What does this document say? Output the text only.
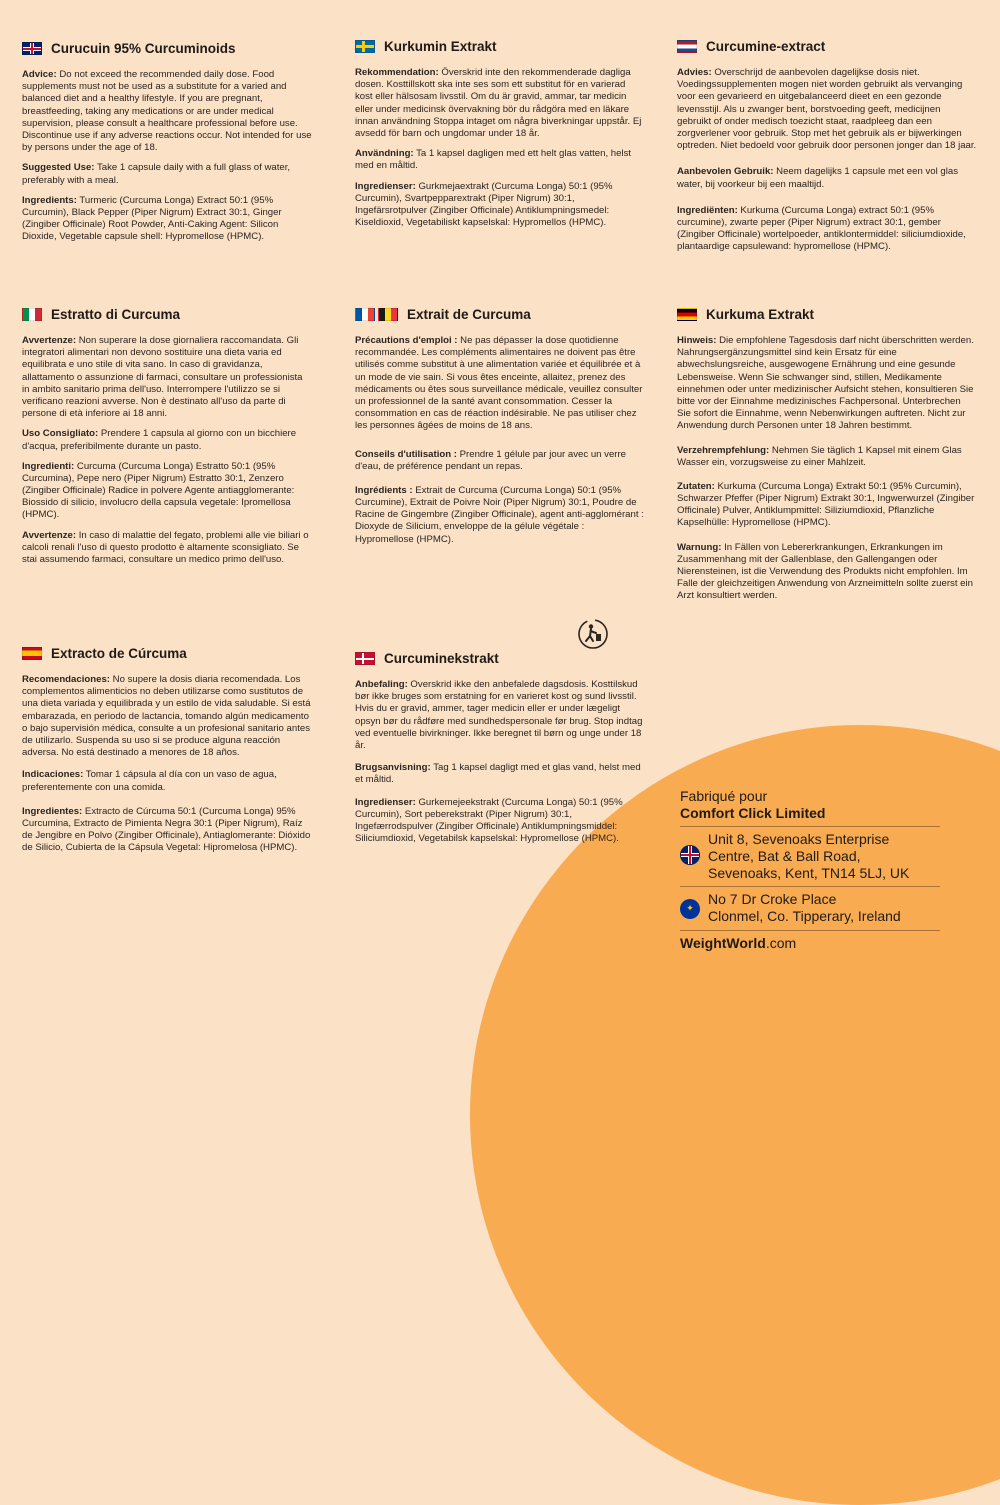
Curucuin 95% Curcuminoids

Advice: Do not exceed the recommended daily dose. Food supplements must not be used as a substitute for a varied and balanced diet and a healthy lifestyle. If you are pregnant, breastfeeding, taking any medications or are under medical supervision, please consult a healthcare professional before use. Discontinue use if any adverse reactions occur. Not intended for use by persons under the age of 18.

Suggested Use: Take 1 capsule daily with a full glass of water, preferably with a meal.

Ingredients: Turmeric (Curcuma Longa) Extract 50:1 (95% Curcumin), Black Pepper (Piper Nigrum) Extract 30:1, Ginger (Zingiber Officinale) Root Powder, Anti-Caking Agent: Silicon Dioxide, Vegetable capsule shell: Hypromellose (HPMC).

Kurkumin Extrakt

Rekommendation: Överskrid inte den rekommenderade dagliga dosen. Kosttillskott ska inte ses som ett substitut för en varierad kost eller hälsosam livsstil. Om du är gravid, ammar, tar medicin eller under medicinsk övervakning bör du rådgöra med en läkare innan användning Stoppa intaget om några biverkningar uppstår. Ej avsedd för barn och ungdomar under 18 år.

Användning: Ta 1 kapsel dagligen med ett helt glas vatten, helst med en måltid.

Ingredienser: Gurkmejaextrakt (Curcuma Longa) 50:1 (95% Curcumin), Svartpepparextrakt (Piper Nigrum) 30:1, Ingefärsrotpulver (Zingiber Officinale) Antiklumpningsmedel: Kiseldioxid, Vegetabiliskt kapselskal: Hypromellos (HPMC).

Curcumine-extract

Advies: Overschrijd de aanbevolen dagelijkse dosis niet. Voedingssupplementen mogen niet worden gebruikt als vervanging voor een gevarieerd en uitgebalanceerd dieet en een gezonde levensstijl. Als u zwanger bent, borstvoeding geeft, medicijnen gebruikt of onder medisch toezicht staat, raadpleeg dan een zorgverlener voor gebruik. Stop met het gebruik als er bijwerkingen optreden. Niet bedoeld voor gebruik door personen jonger dan 18 jaar.

Aanbevolen Gebruik: Neem dagelijks 1 capsule met een vol glas water, bij voorkeur bij een maaltijd.

Ingrediënten: Kurkuma (Curcuma Longa) extract 50:1 (95% curcumine), zwarte peper (Piper Nigrum) extract 30:1, gember (Zingiber Officinale) wortelpoeder, antiklontermiddel: siliciumdioxide, plantaardige capsulewand: hypromellose (HPMC).

Estratto di Curcuma

Avvertenze: Non superare la dose giornaliera raccomandata. Gli integratori alimentari non devono sostituire una dieta varia ed equilibrata e uno stile di vita sano. In caso di gravidanza, allattamento o assunzione di farmaci, consultare un professionista in ambito sanitario prima dell'uso. Interrompere l'utilizzo se si verificano reazioni avverse. Non è destinato all'uso da parte di persone di età inferiore ai 18 anni.

Uso Consigliato: Prendere 1 capsula al giorno con un bicchiere d'acqua, preferibilmente durante un pasto.

Ingredienti: Curcuma (Curcuma Longa) Estratto 50:1 (95% Curcumina), Pepe nero (Piper Nigrum) Estratto 30:1, Zenzero (Zingiber Officinale) Radice in polvere Agente antiagglomerante: Biossido di silicio, involucro della capsula vegetale: Ipromellosa (HPMC).

Avvertenze: In caso di malattie del fegato, problemi alle vie biliari o calcoli renali l'uso di questo prodotto è altamente sconsigliato. Se stai assumendo farmaci, consultare un medico primo dell'uso.

Extrait de Curcuma

Précautions d'emploi : Ne pas dépasser la dose quotidienne recommandée. Les compléments alimentaires ne doivent pas être utilisés comme substitut à une alimentation variée et équilibrée et à un mode de vie sain. Si vous êtes enceinte, allaitez, prenez des médicaments ou êtes sous surveillance médicale, veuillez consulter un professionnel de la santé avant consommation. Cesser la consommation en cas de réaction indésirable. Ne pas utiliser chez les personnes âgées de moins de 18 ans.

Conseils d'utilisation : Prendre 1 gélule par jour avec un verre d'eau, de préférence pendant un repas.

Ingrédients : Extrait de Curcuma (Curcuma Longa) 50:1 (95% Curcumine), Extrait de Poivre Noir (Piper Nigrum) 30:1, Poudre de Racine de Gingembre (Zingiber Officinale), agent anti-agglomérant : Dioxyde de Silicium, enveloppe de la gélule végétale : Hypromellose (HPMC).

Kurkuma Extrakt

Hinweis: Die empfohlene Tagesdosis darf nicht überschritten werden. Nahrungsergänzungsmittel sind kein Ersatz für eine abwechslungsreiche, ausgewogene Ernährung und eine gesunde Lebensweise. Wenn Sie schwanger sind, stillen, Medikamente einnehmen oder unter medizinischer Aufsicht stehen, konsultieren Sie bitte vor der Einnahme medizinisches Fachpersonal. Unterbrechen Sie sofort die Einnahme, wenn Nebenwirkungen auftreten. Nicht zur Anwendung durch Personen unter 18 Jahren bestimmt.

Verzehrempfehlung: Nehmen Sie täglich 1 Kapsel mit einem Glas Wasser ein, vorzugsweise zu einer Mahlzeit.

Zutaten: Kurkuma (Curcuma Longa) Extrakt 50:1 (95% Curcumin), Schwarzer Pfeffer (Piper Nigrum) Extrakt 30:1, Ingwerwurzel (Zingiber Officinale) Pulver, Antiklumpmittel: Siliziumdioxid, Pflanzliche Kapselhülle: Hypromellose (HPMC).

Warnung: In Fällen von Lebererkrankungen, Erkrankungen im Zusammenhang mit der Gallenblase, den Gallengangen oder Nierensteinen, ist die Verwendung des Produkts nicht empfohlen. Im Falle der gleichzeitigen Anwendung von Arzneimitteln sollte zuerst ein Arzt konsultiert werden.

Extracto de Cúrcuma

Recomendaciones: No supere la dosis diaria recomendada. Los complementos alimenticios no deben utilizarse como sustitutos de una dieta variada y equilibrada y un estilo de vida saludable. Si está embarazada, en periodo de lactancia, tomando algún medicamento o bajo supervisión médica, consulte a un profesional sanitario antes de utilizarlo. Suspenda su uso si se produce alguna reacción adversa. No está destinado a menores de 18 años.

Indicaciones: Tomar 1 cápsula al día con un vaso de agua, preferentemente con una comida.

Ingredientes: Extracto de Cúrcuma 50:1 (Curcuma Longa) 95% Curcumina, Extracto de Pimienta Negra 30:1 (Piper Nigrum), Raíz de Jengibre en Polvo (Zingiber Officinale), Antiaglomerante: Dióxido de Silicio, Cubierta de la Cápsula Vegetal: Hipromelosa (HPMC).

Curcuminekstrakt

Anbefaling: Overskrid ikke den anbefalede dagsdosis. Kosttilskud bør ikke bruges som erstatning for en varieret kost og sund livsstil. Hvis du er gravid, ammer, tager medicin eller er under lægeligt opsyn bør du rådføre med sundhedspersonale før brug. Stop indtag ved eventuelle bivirkninger. Ikke beregnet til børn og unge under 18 år.

Brugsanvisning: Tag 1 kapsel dagligt med et glas vand, helst med et måltid.

Ingredienser: Gurkemejeekstrakt (Curcuma Longa) 50:1 (95% Curcumin), Sort peberekstrakt (Piper Nigrum) 30:1, Ingefærrodspulver (Zingiber Officinale) Antiklumpningsmiddel: Siliciumdioxid, Vegetabilsk kapselskal: Hypromellose (HPMC).

Fabriqué pour
Comfort Click Limited
Unit 8, Sevenoaks Enterprise
Centre, Bat & Ball Road,
Sevenoaks, Kent, TN14 5LJ, UK
✦
No 7 Dr Croke Place
Clonmel, Co. Tipperary, Ireland
WeightWorld.com
